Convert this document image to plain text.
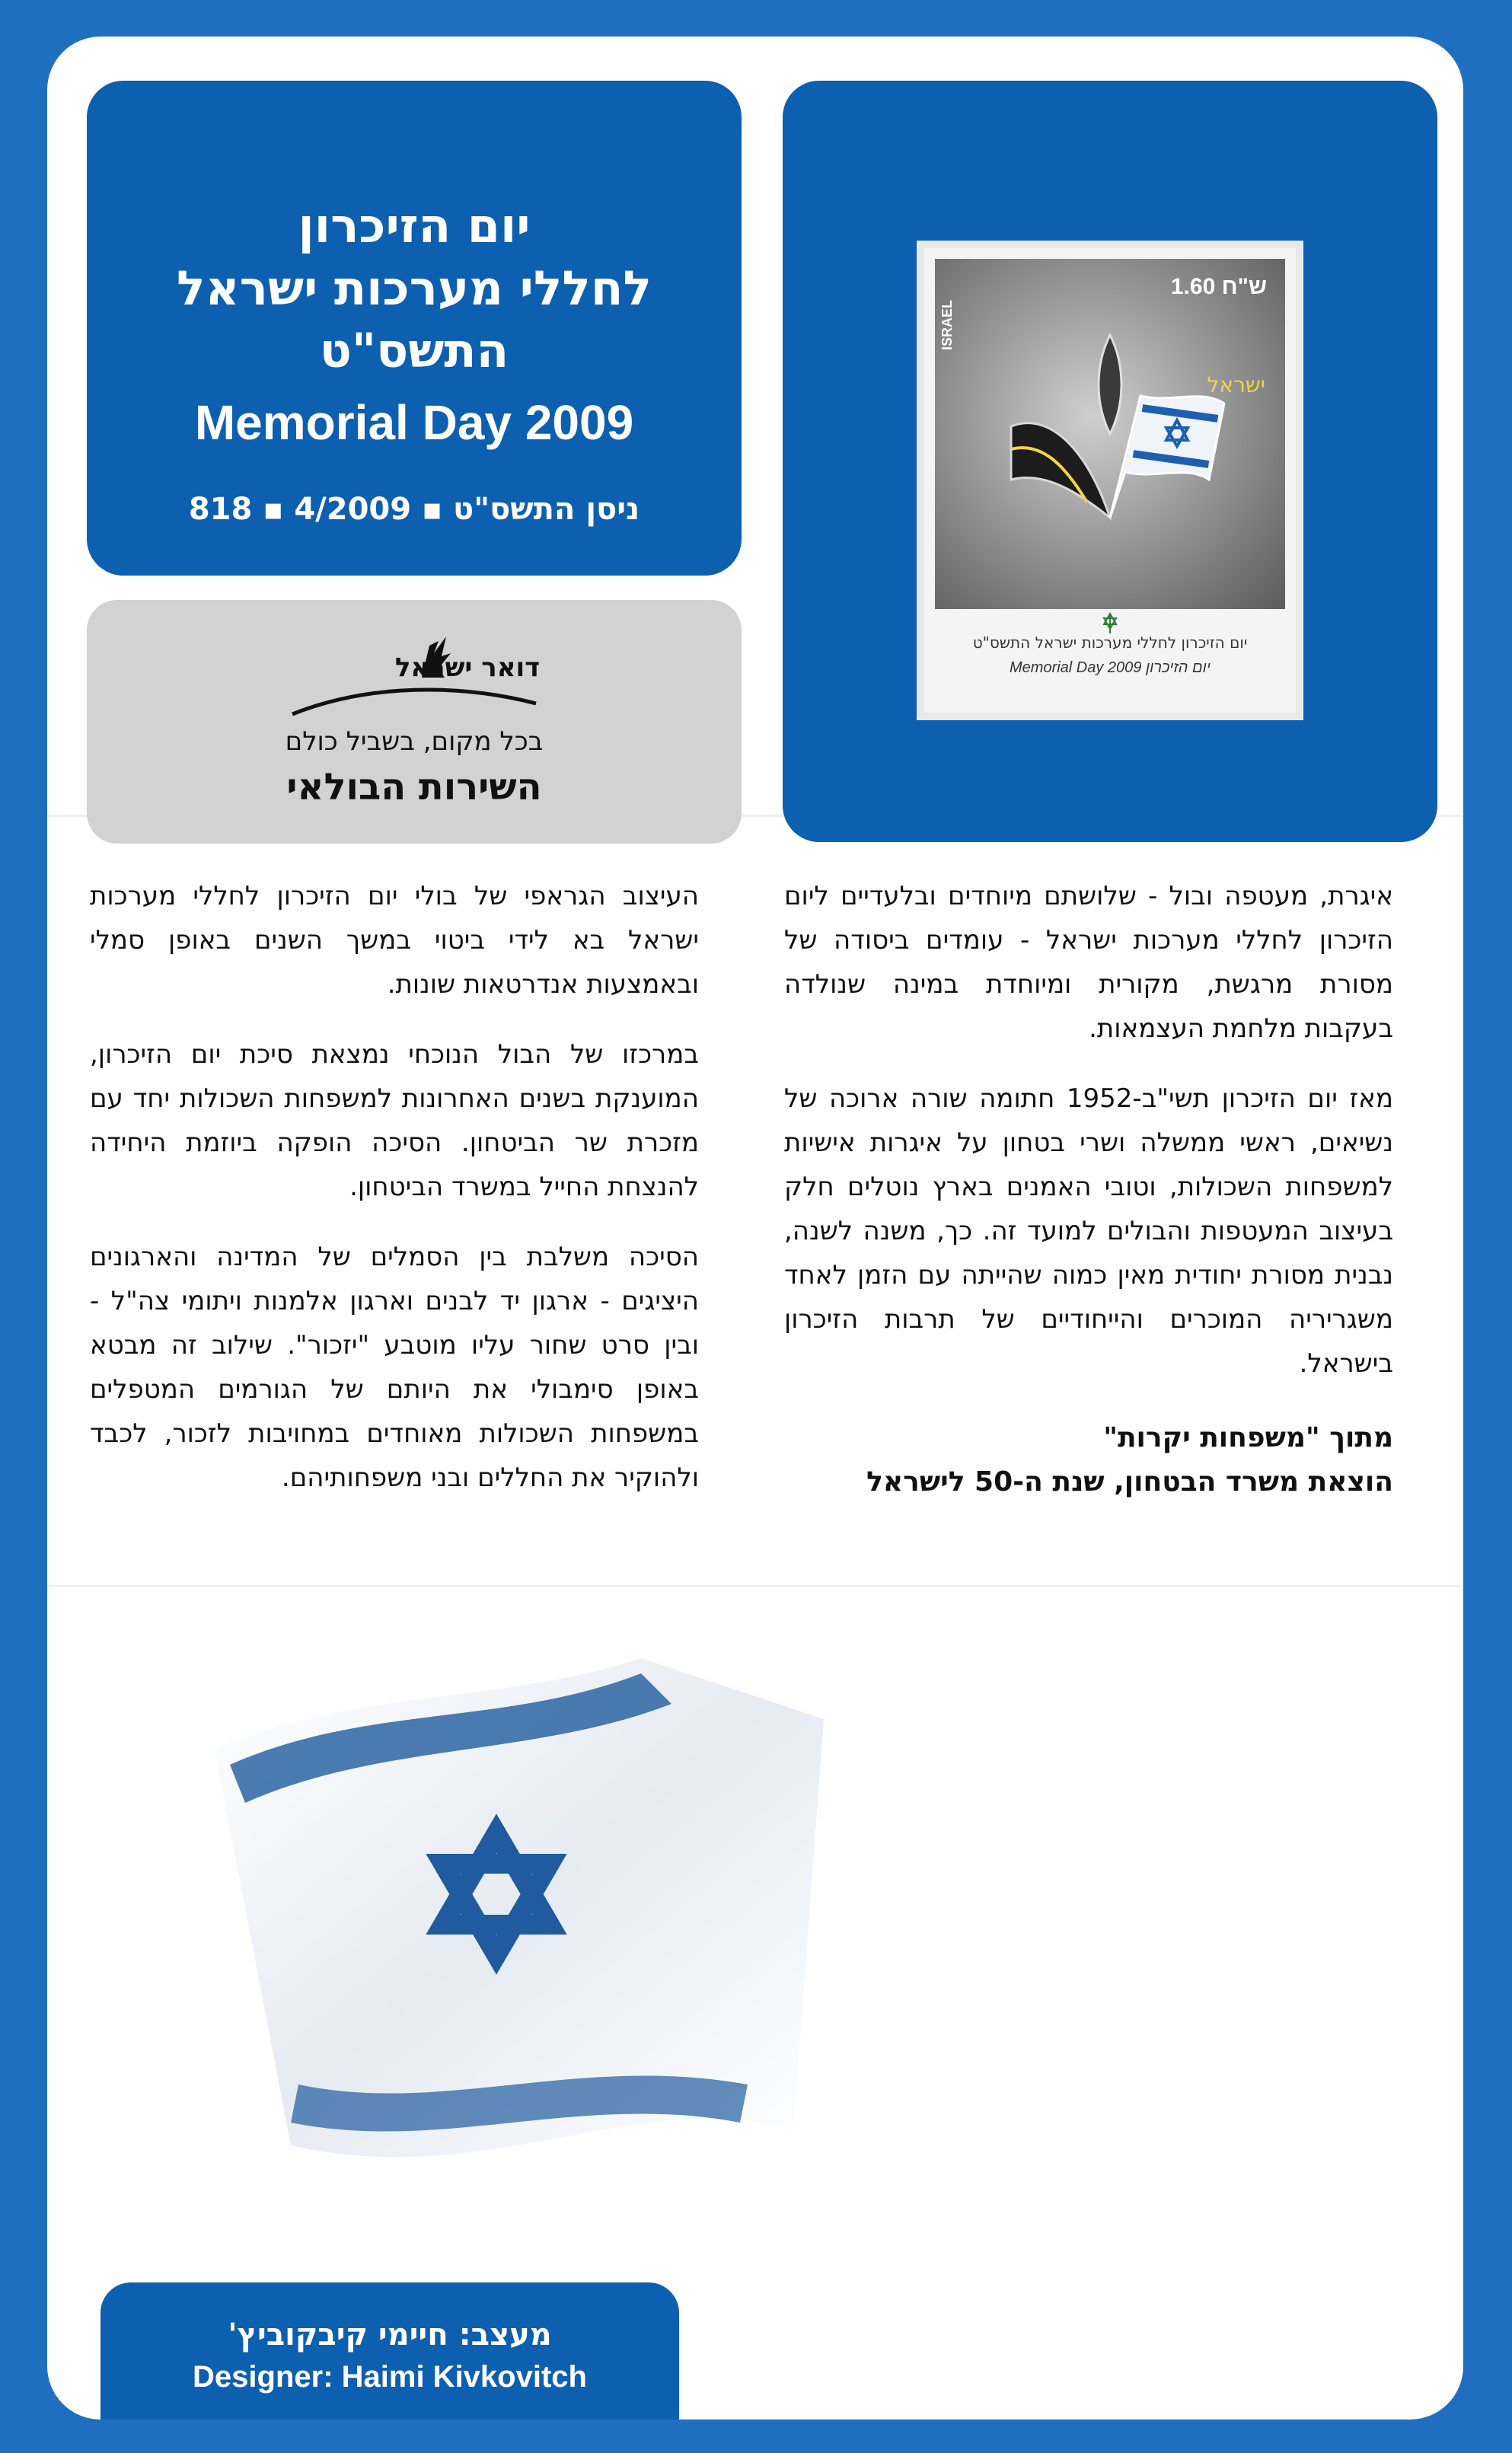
יום הזיכרון
לחללי מערכות ישראל
התשס"ט
Memorial Day 2009
ניסן התשס"ט ▪ 4/2009 ▪ 818
1.60 ש"ח
ISRAEL
ישראל
יום הזיכרון לחללי מערכות ישראל התשס"ט
Memorial Day 2009 יום הזיכרון
דואר ישראל
בכל מקום, בשביל כולם
השירות הבולאי

איגרת, מעטפה ובול - שלושתם מיוחדים ובלעדיים ליום הזיכרון לחללי מערכות ישראל - עומדים ביסודה של מסורת מרגשת, מקורית ומיוחדת במינה שנולדה בעקבות מלחמת העצמאות.

מאז יום הזיכרון תשי"ב-1952 חתומה שורה ארוכה של נשיאים, ראשי ממשלה ושרי בטחון על איגרות אישיות למשפחות השכולות, וטובי האמנים בארץ נוטלים חלק בעיצוב המעטפות והבולים למועד זה. כך, משנה לשנה, נבנית מסורת יחודית מאין כמוה שהייתה עם הזמן לאחד משגריריה המוכרים והייחודיים של תרבות הזיכרון בישראל.

מתוך "משפחות יקרות"
הוצאת משרד הבטחון, שנת ה-50 לישראל

העיצוב הגראפי של בולי יום הזיכרון לחללי מערכות ישראל בא לידי ביטוי במשך השנים באופן סמלי ובאמצעות אנדרטאות שונות.

במרכזו של הבול הנוכחי נמצאת סיכת יום הזיכרון, המוענקת בשנים האחרונות למשפחות השכולות יחד עם מזכרת שר הביטחון. הסיכה הופקה ביוזמת היחידה להנצחת החייל במשרד הביטחון.

הסיכה משלבת בין הסמלים של המדינה והארגונים היציגים - ארגון יד לבנים וארגון אלמנות ויתומי צה"ל - ובין סרט שחור עליו מוטבע "יזכור". שילוב זה מבטא באופן סימבולי את היותם של הגורמים המטפלים במשפחות השכולות מאוחדים במחויבות לזכור, לכבד ולהוקיר את החללים ובני משפחותיהם.

מעצב: חיימי קיבקוביץ'
Designer: Haimi Kivkovitch
